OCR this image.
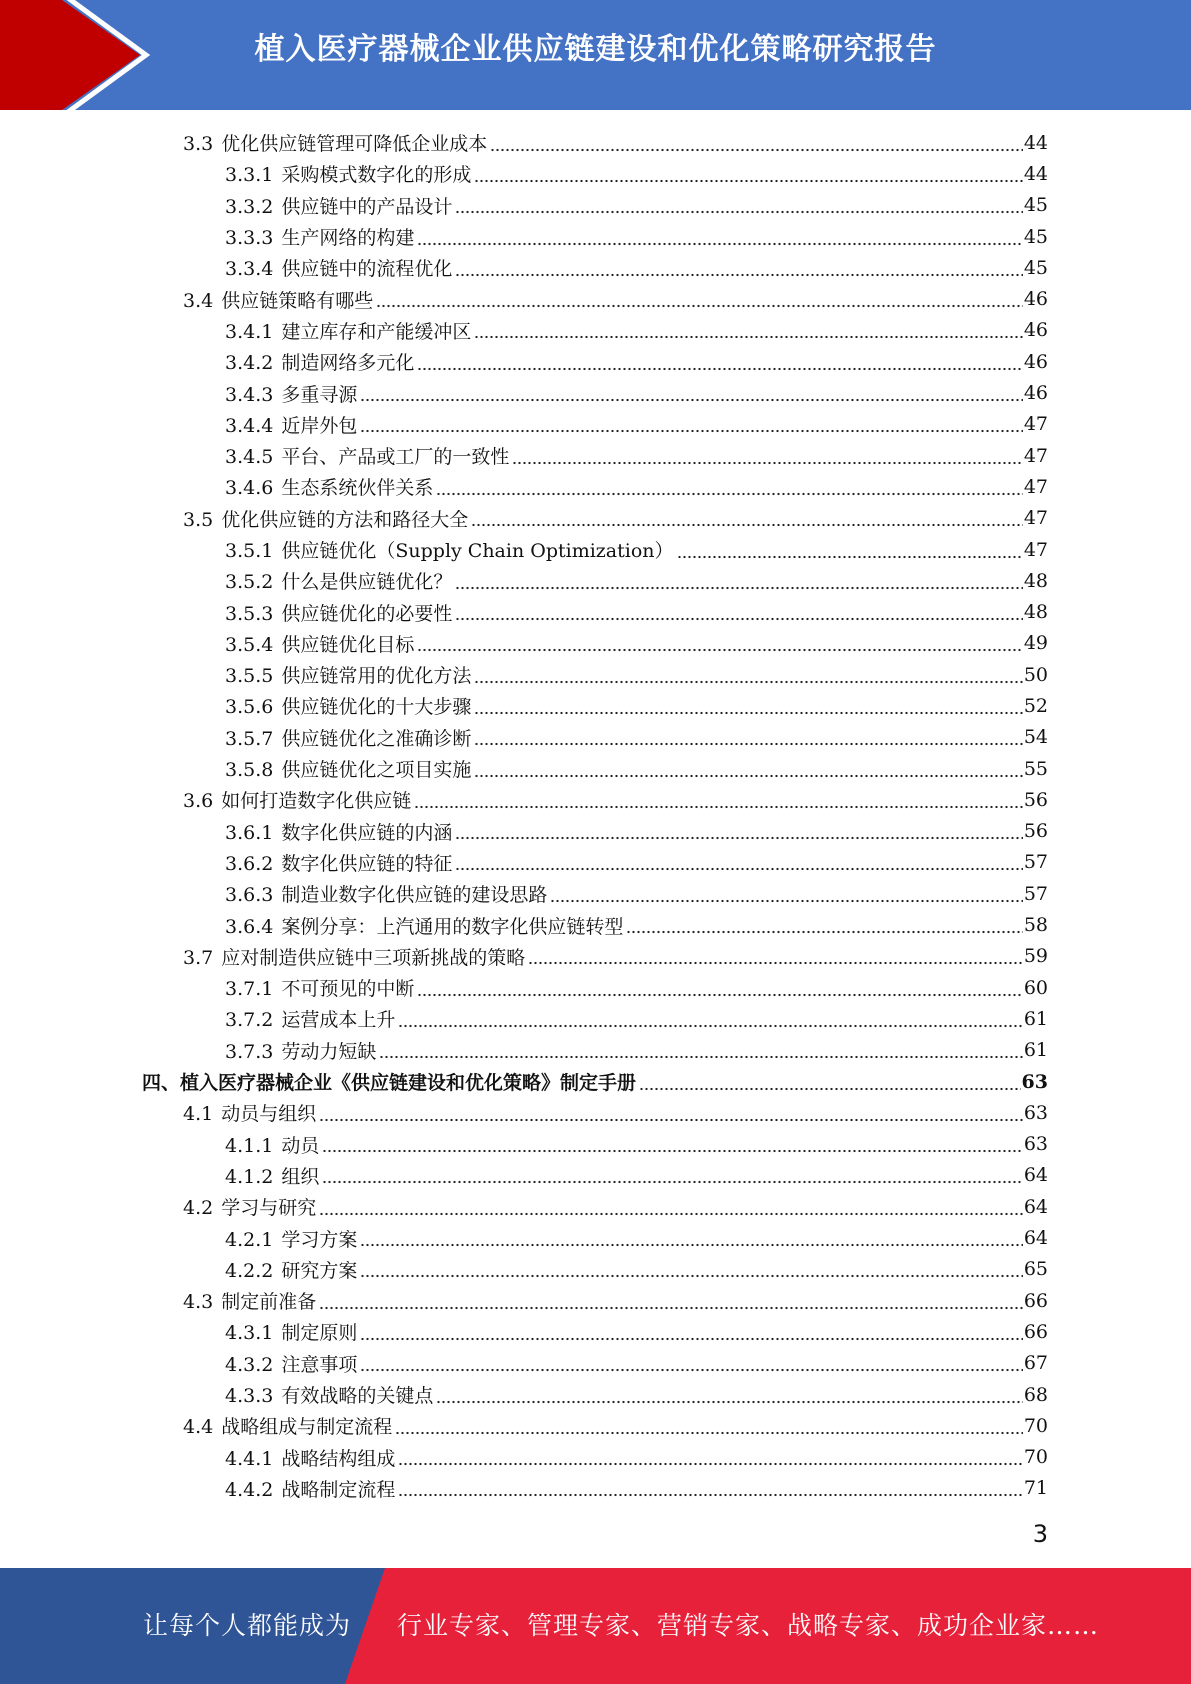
植入医疗器械企业供应链建设和优化策略研究报告
3.3 优化供应链管理可降低企业成本	44
3.3.1 采购模式数字化的形成	44
3.3.2 供应链中的产品设计	45
3.3.3 生产网络的构建	45
3.3.4 供应链中的流程优化	45
3.4 供应链策略有哪些	46
3.4.1 建立库存和产能缓冲区	46
3.4.2 制造网络多元化	46
3.4.3 多重寻源	46
3.4.4 近岸外包	47
3.4.5 平台、产品或工厂的一致性	47
3.4.6 生态系统伙伴关系	47
3.5 优化供应链的方法和路径大全	47
3.5.1 供应链优化（Supply Chain Optimization）	47
3.5.2 什么是供应链优化？	48
3.5.3 供应链优化的必要性	48
3.5.4 供应链优化目标	49
3.5.5 供应链常用的优化方法	50
3.5.6 供应链优化的十大步骤	52
3.5.7 供应链优化之准确诊断	54
3.5.8 供应链优化之项目实施	55
3.6 如何打造数字化供应链	56
3.6.1 数字化供应链的内涵	56
3.6.2 数字化供应链的特征	57
3.6.3 制造业数字化供应链的建设思路	57
3.6.4 案例分享：上汽通用的数字化供应链转型	58
3.7 应对制造供应链中三项新挑战的策略	59
3.7.1 不可预见的中断	60
3.7.2 运营成本上升	61
3.7.3 劳动力短缺	61
四、植入医疗器械企业《供应链建设和优化策略》制定手册	63
4.1 动员与组织	63
4.1.1 动员	63
4.1.2 组织	64
4.2 学习与研究	64
4.2.1 学习方案	64
4.2.2 研究方案	65
4.3 制定前准备	66
4.3.1 制定原则	66
4.3.2 注意事项	67
4.3.3 有效战略的关键点	68
4.4 战略组成与制定流程	70
4.4.1 战略结构组成	70
4.4.2 战略制定流程	71
3
让每个人都能成为 行业专家、管理专家、营销专家、战略专家、成功企业家……
